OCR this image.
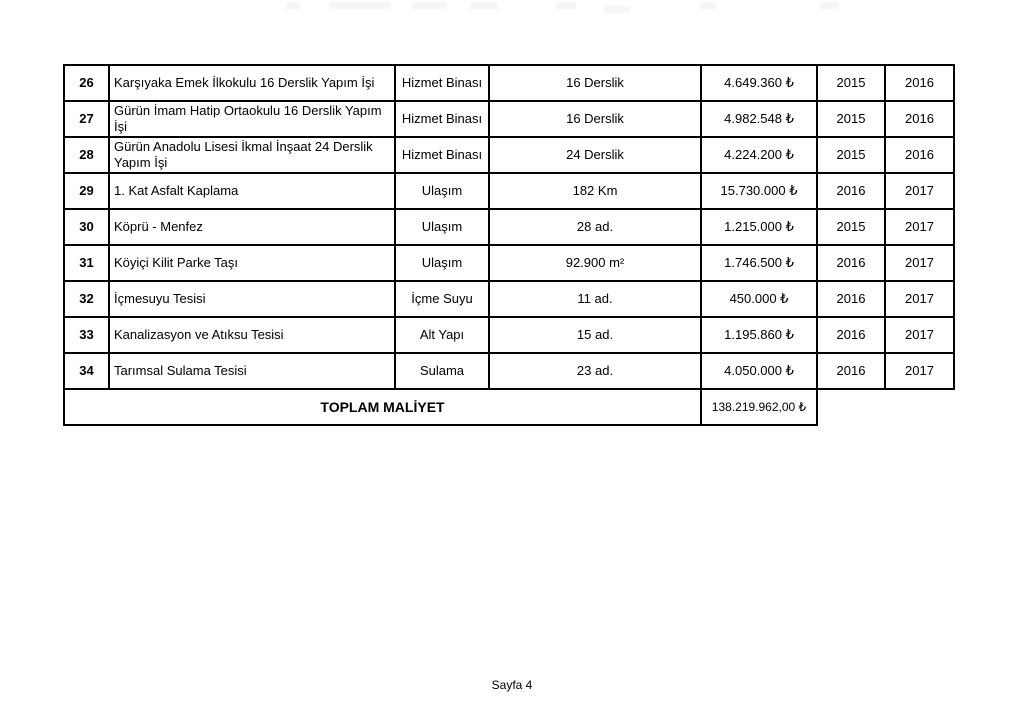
26	Karşıyaka Emek İlkokulu 16 Derslik Yapım İşi	Hizmet Binası	16 Derslik	4.649.360 ₺	2015	2016
27	Gürün İmam Hatip Ortaokulu 16 Derslik Yapım İşi	Hizmet Binası	16 Derslik	4.982.548 ₺	2015	2016
28	Gürün Anadolu Lisesi İkmal İnşaat 24 Derslik Yapım İşi	Hizmet Binası	24 Derslik	4.224.200 ₺	2015	2016
29	1. Kat Asfalt Kaplama	Ulaşım	182 Km	15.730.000 ₺	2016	2017
30	Köprü - Menfez	Ulaşım	28 ad.	1.215.000 ₺	2015	2017
31	Köyiçi Kilit Parke Taşı	Ulaşım	92.900 m²	1.746.500 ₺	2016	2017
32	İçmesuyu Tesisi	İçme Suyu	11 ad.	450.000 ₺	2016	2017
33	Kanalizasyon ve Atıksu Tesisi	Alt Yapı	15 ad.	1.195.860 ₺	2016	2017
34	Tarımsal Sulama Tesisi	Sulama	23 ad.	4.050.000 ₺	2016	2017
TOPLAM MALİYET				138.219.962,00 ₺		
Sayfa 4
